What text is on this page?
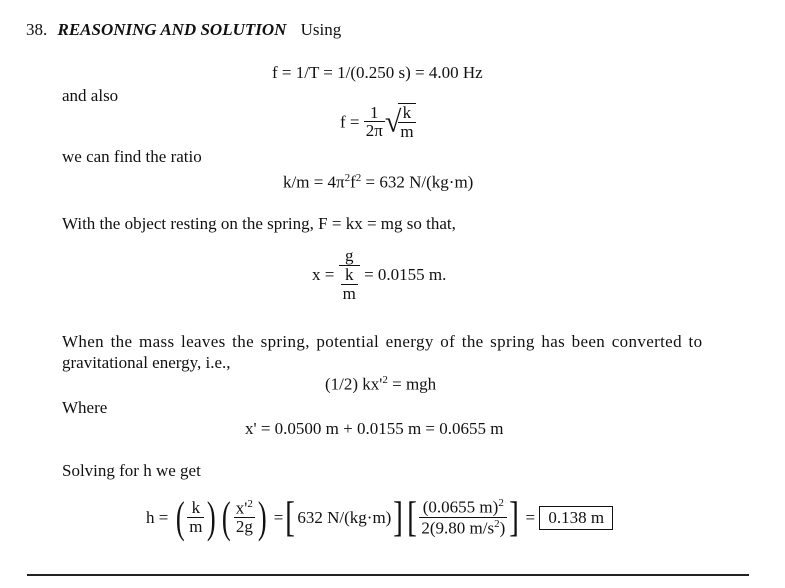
38. REASONING AND SOLUTION Using
f = 1/T = 1/(0.250 s) = 4.00 Hz
and also
$f = \frac{1}{2\pi}$ √
$\frac{k}{m}$
we can find the ratio
$k/m = 4\pi^2f^2 = 632$ N/(kg·m)
With the object resting on the spring, F = kx = mg so that,
$x = \frac{g}{\frac{k}{m}} = 0.0155$ m.
When the mass leaves the spring, potential energy of the spring has been converted to
gravitational energy, i.e.,
(1/2) $kx'^2$ = mgh
Where
x' = 0.0500 m + 0.0155 m = 0.0655 m
Solving for h we get
h = ( $\frac{k}{m}$ ) ( $\frac{x'^2}{2g}$ ) =[ 632 N/(kg·m)] [ $\frac{(0.0655 m)^2}{2(9.80 m/s^2)}$ ] = 0.138 m
